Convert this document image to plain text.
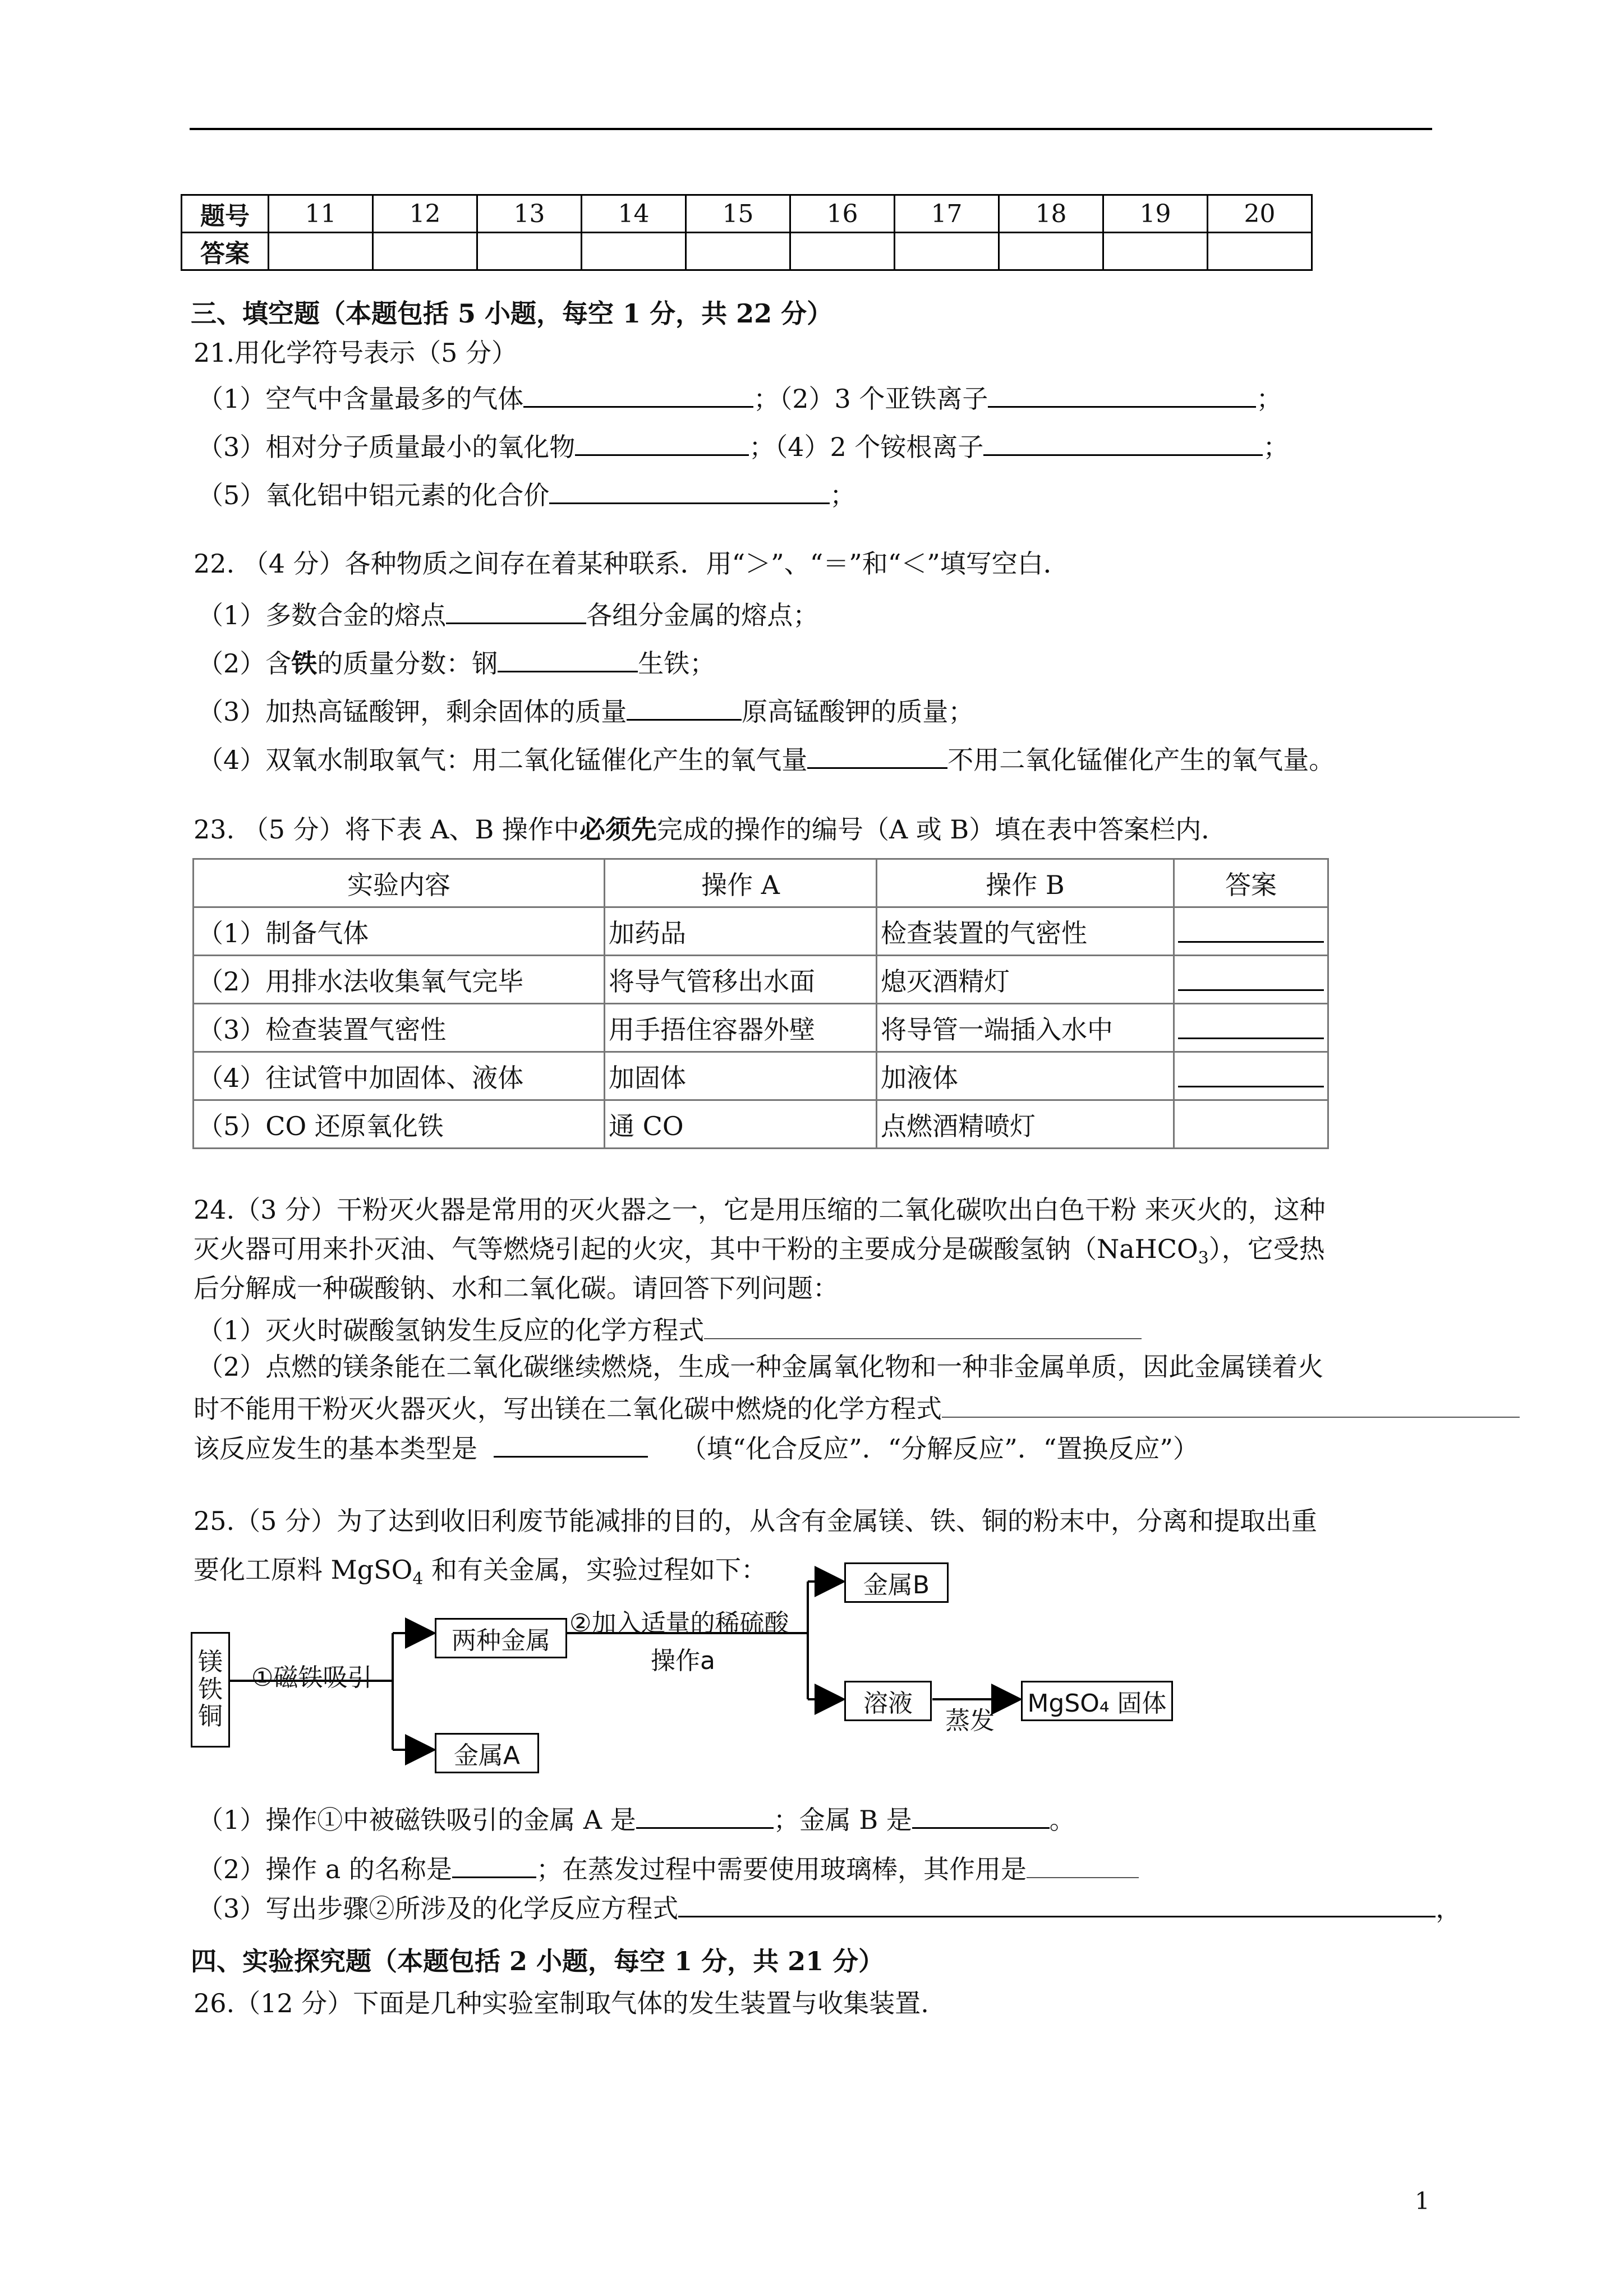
题号	11	12	13	14	15	16	17	18	19	20
答案										
三、填空题（本题包括 5 小题，每空 1 分，共 22 分）
21.用化学符号表示（5 分）
（1）空气中含量最多的气体	；（2）3 个亚铁离子	；
（3）相对分子质量最小的氧化物	；（4）2 个铵根离子	；
（5）氧化铝中铝元素的化合价	；
22. （4 分）各种物质之间存在着某种联系．用“＞”、“＝”和“＜”填写空白．
（1）多数合金的熔点	各组分金属的熔点；
（2）含铁的质量分数：钢	生铁；
（3）加热高锰酸钾，剩余固体的质量	原高锰酸钾的质量；
（4）双氧水制取氧气：用二氧化锰催化产生的氧气量	不用二氧化锰催化产生的氧气量。
23. （5 分）将下表 A、B 操作中必须先完成的操作的编号（A 或 B）填在表中答案栏内．
实验内容	操作 A	操作 B	答案
（1）制备气体	加药品	检查装置的气密性	

（2）用排水法收集氧气完毕	将导气管移出水面	熄灭酒精灯	

（3）检查装置气密性	用手捂住容器外壁	将导管一端插入水中	

（4）往试管中加固体、液体	加固体	加液体	

（5）CO 还原氧化铁	通 CO	点燃酒精喷灯	
24.（3 分）干粉灭火器是常用的灭火器之一，它是用压缩的二氧化碳吹出白色干粉 来灭火的，这种
灭火器可用来扑灭油、气等燃烧引起的火灾，其中干粉的主要成分是碳酸氢钠（NaHCO$_3$），它受热
后分解成一种碳酸钠、水和二氧化碳。请回答下列问题：
（1）灭火时碳酸氢钠发生反应的化学方程式
（2）点燃的镁条能在二氧化碳继续燃烧，生成一种金属氧化物和一种非金属单质，因此金属镁着火
时不能用干粉灭火器灭火，写出镁在二氧化碳中燃烧的化学方程式
该反应发生的基本类型是	（填“化合反应”．“分解反应”．“置换反应”）
25.（5 分）为了达到收旧利废节能减排的目的，从含有金属镁、铁、铜的粉末中，分离和提取出重
要化工原料 MgSO$_4$ 和有关金属，实验过程如下：
镁
铁
铜
①磁铁吸引
两种金属
金属A
②加入适量的稀硫酸
操作a
金属B
溶液
蒸发
MgSO₄ 固体
（1）操作①中被磁铁吸引的金属 A 是	；金属 B 是	。
（2）操作 a 的名称是	；在蒸发过程中需要使用玻璃棒，其作用是
（3）写出步骤②所涉及的化学反应方程式	，
四、实验探究题（本题包括 2 小题，每空 1 分，共 21 分）
26.（12 分）下面是几种实验室制取气体的发生装置与收集装置.
1
